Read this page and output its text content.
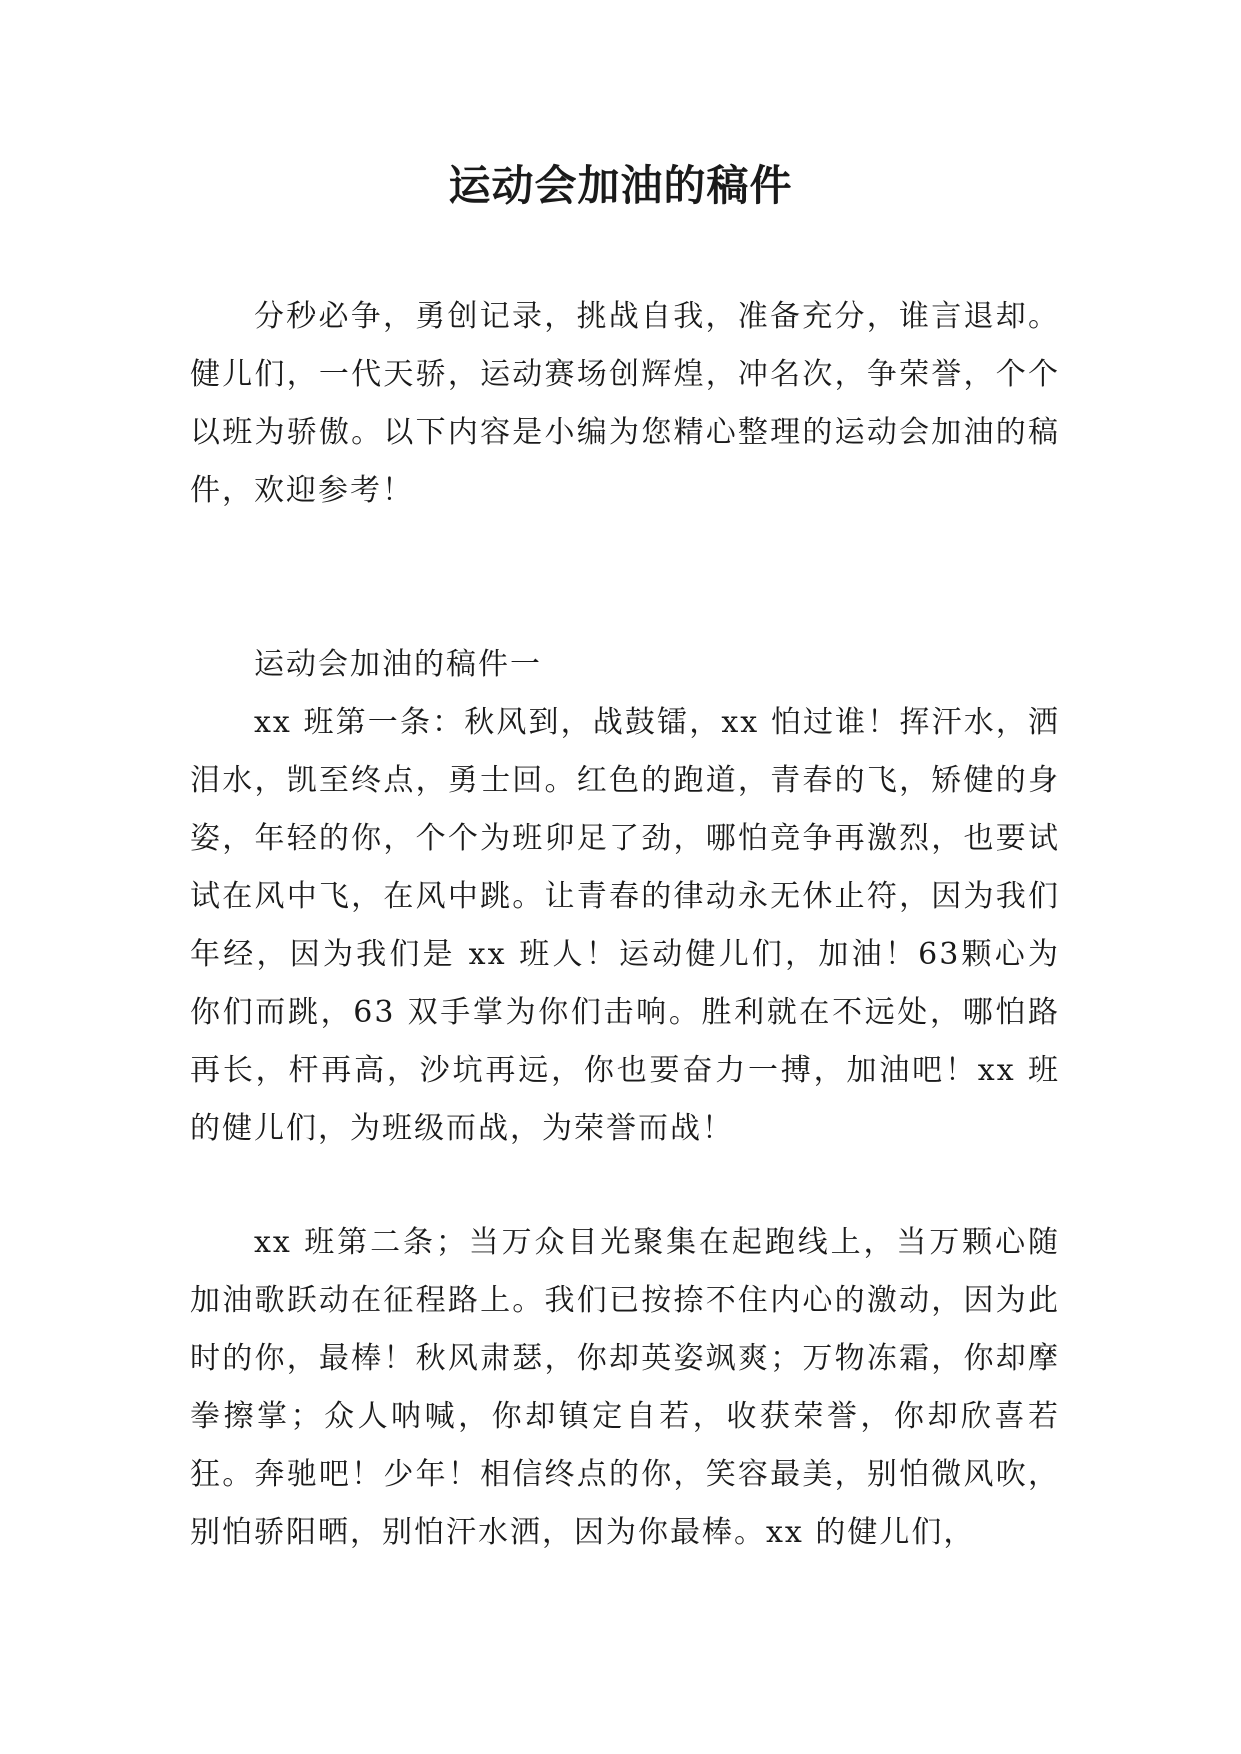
运动会加油的稿件

分秒必争，勇创记录，挑战自我，准备充分，谁言退却。健儿们，一代天骄，运动赛场创辉煌，冲名次，争荣誉，个个以班为骄傲。以下内容是小编为您精心整理的运动会加油的稿件，欢迎参考！

运动会加油的稿件一

xx 班第一条：秋风到，战鼓镭，xx 怕过谁！挥汗水，洒泪水，凯至终点，勇士回。红色的跑道，青春的飞，矫健的身姿，年轻的你，个个为班卯足了劲，哪怕竞争再激烈，也要试试在风中飞，在风中跳。让青春的律动永无休止符，因为我们年经，因为我们是 xx 班人！运动健儿们，加油！63颗心为你们而跳，63 双手掌为你们击响。胜利就在不远处，哪怕路再长，杆再高，沙坑再远，你也要奋力一搏，加油吧！xx 班的健儿们，为班级而战，为荣誉而战！

xx 班第二条；当万众目光聚集在起跑线上，当万颗心随加油歌跃动在征程路上。我们已按捺不住内心的激动，因为此时的你，最棒！秋风肃瑟，你却英姿飒爽；万物冻霜，你却摩拳擦掌；众人呐喊，你却镇定自若，收获荣誉，你却欣喜若狂。奔驰吧！少年！相信终点的你，笑容最美，别怕微风吹，别怕骄阳晒，别怕汗水洒，因为你最棒。xx 的健儿们，
